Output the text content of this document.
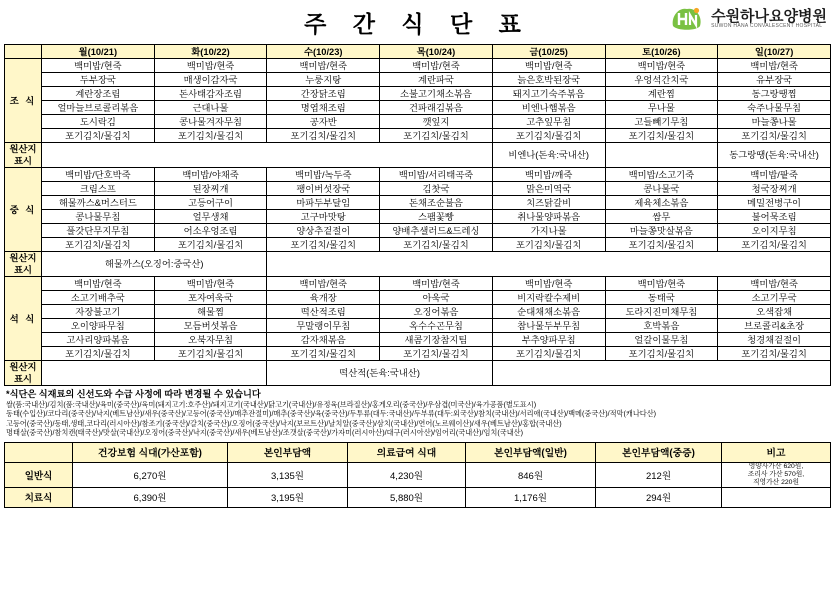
주 간 식 단 표	수원하나요양병원
SUWON HANA CONVALESCENT HOSPITAL
	월(10/21)	화(10/22)	수(10/23)	목(10/24)	금(10/25)	토(10/26)	일(10/27)
조 식	백미밥/현죽	백미밥/현죽	백미밥/현죽	백미밥/현죽	백미밥/현죽	백미밥/현죽	백미밥/현죽
	두부장국	매생이감자국	누룽지탕	계란파국	늙은호박된장국	우엉석간치국	유부장국
	계란장조림	돈사태감자조림	간장닭조림	소불고기채소볶음	돼지고기숙주볶음	계란찜	동그랑땡찜
	얼마늘브로콜리볶음	근대나물	명엽채조림	건파래김볶음	비엔나햄볶음	무나물	숙주나물무침
	도시락김	콩나물겨자무침	공자반	깻잎지	고추잎무침	고들빼기무침	마늘쫑나물
	포기김치/물김치	포기김치/물김치	포기김치/물김치	포기김치/물김치	포기김치/물김치	포기김치/물김치	포기김치/물김치

원산지
표시					비엔나(돈육:국내산)		동그랑땡(돈육:국내산)
중 식	백미밥/단호박죽	백미밥/야채죽	백미밥/녹두죽	백미밥/서리태곡죽	백미밥/깨죽	백미밥/소고기죽	백미밥/팥죽
	크림스프	된장찌개	팽이버섯장국	김찻국	맑은미역국	콩나물국	청국장찌개
	해물까스&머스터드	고등어구이	마파두부달임	돈채조순불음	치즈닭갈비	제육체소볶음	메밀전병구이
	콩나물무침	얼무생채	고구마맛탕	스팸꽃빵	취나물양파볶음	쌈무	불어묵조림
	풀갓단무지무침	어소우엉조림	양상추겉절이	양배추샐러드&드레싱	가지나물	마늘쫑맛살볶음	오이지무침
	포기김치/물김치	포기김치/물김치	포기김치/물김치	포기김치/물김치	포기김치/물김치	포기김치/물김치	포기김치/물김치

원산지
표시	해물까스(오징어:중국산)						
석 식	백미밥/현죽	백미밥/현죽	백미밥/현죽	백미밥/현죽	백미밥/현죽	백미밥/현죽	백미밥/현죽
	소고기배추국	포자여욱국	육개장	아욱국	비지락칼수제비	동태국	소고기무국
	자장불고기	해물찜	떡산적조림	오징어볶음	순대채채소볶음	도라지진미채무침	오색잡채
	오이양파무침	모듬버섯볶음	무말랭이무침	옥수수곤무침	참나물두부무침	호박볶음	브로콜리&초장
	고사리양파볶음	오북자무침	감자채볶음	새콤기장참지팀	부추양파무침	얼갈이물무침	청경채겉절이
	포기김치/물김치	포기김치/물김치	포기김치/물김치	포기김치/물김치	포기김치/물김치	포기김치/물김치	포기김치/물김치

원산지
표시			떡산적(돈육:국내산)				
*식단은 식재료의 신선도와 수급 사정에 따라 변경될 수 있습니다
쌀(품:국내산)/김치(품:국내산)/육미(중국산)/육미(돼지고기:호주산)/돼지고기(국내산)/닭고기(국내산)/유정육(브라질산)/홍게오리(중국산)/우삼겹(미국산)/육가공품(별도표시)
동태(수입산)/코다리(중국산)/낙지(베트남산)/새우(중국산)/고등어(중국산)/매추잔절미)/매추(중국산)/육(중국산)/두투류(대두:국내산)/두부류(대두:외국산)/참치(국내산)/서리애(국내산)/백메(중국산)/적막(캐나다산)
고등어(중국산)/동태,생태,코다리(러시아산)/참조기(중국산)/갈치(중국산)/오징어(중국산)/낙지(보르트산)/날치알(중국산)/삼치(국내산)/연어(노르웨이산)/새우(베트남산)/홍합(국내산)
명태살(중국산)/참치캔(태국산)/맛살(국내산)/오징어(중국산)/낙지(중국산)/새우(베트남산)/조갯살(중국산)/가자미(러시아산)/대구(러시아산)/임어리(국내산)/임치(국내산)
	건강보험 식대(가산포함)	본인부담액	의료급여 식대	본인부담액(일반)	본인부담액(중증)	비고
일반식	6,270원	3,135원	4,230원	846원	212원	영양사가산 620원,
조리사 가산 570원,
직영가산 220원

치료식	6,390원	3,195원	5,880원	1,176원	294원	
